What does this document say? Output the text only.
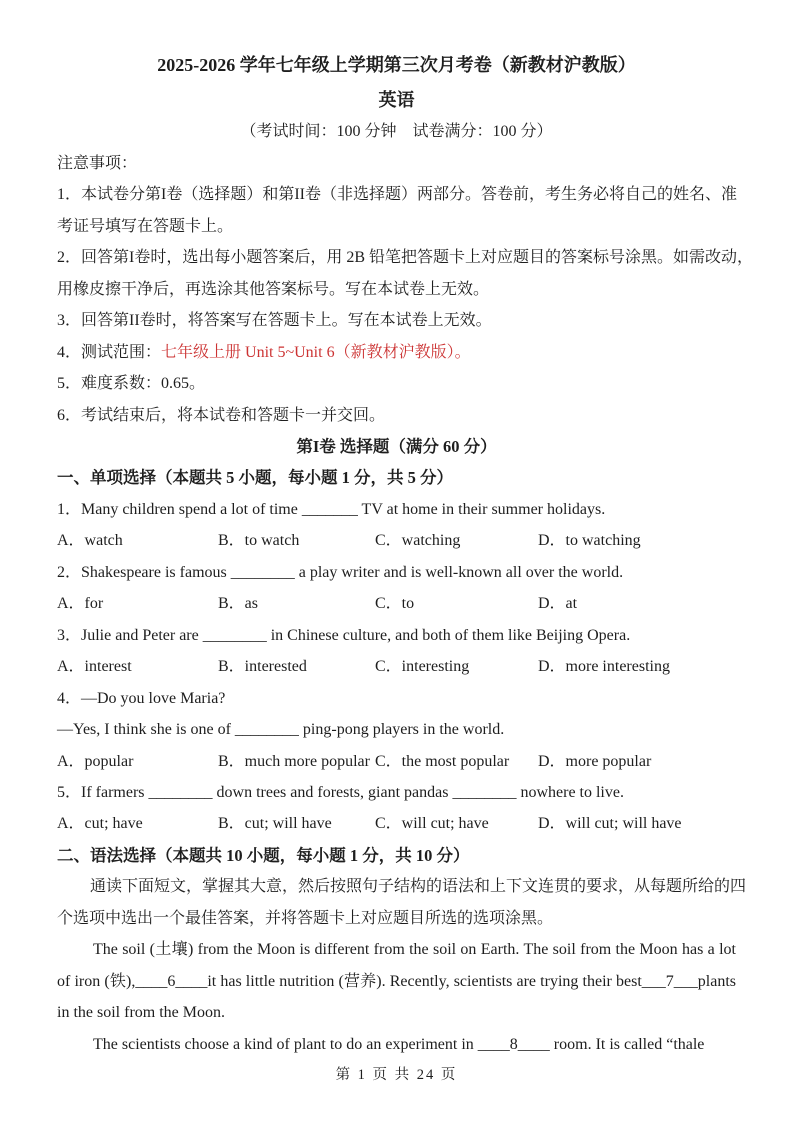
2025-2026 学年七年级上学期第三次月考卷（新教材沪教版）
英语
（考试时间：100 分钟　试卷满分：100 分）
注意事项：
1．本试卷分第I卷（选择题）和第II卷（非选择题）两部分。答卷前，考生务必将自己的姓名、准
考证号填写在答题卡上。
2．回答第I卷时，选出每小题答案后，用 2B 铅笔把答题卡上对应题目的答案标号涂黑。如需改动，
用橡皮擦干净后，再选涂其他答案标号。写在本试卷上无效。
3．回答第II卷时，将答案写在答题卡上。写在本试卷上无效。
4．测试范围：七年级上册 Unit 5~Unit 6（新教材沪教版）。
5．难度系数：0.65。
6．考试结束后，将本试卷和答题卡一并交回。
第I卷 选择题（满分 60 分）
一、单项选择（本题共 5 小题，每小题 1 分，共 5 分）
1．Many children spend a lot of time _______ TV at home in their summer holidays.
A．watch	B．to watch	C．watching	D．to watching
2．Shakespeare is famous ________ a play writer and is well-known all over the world.
A．for	B．as	C．to	D．at
3．Julie and Peter are ________ in Chinese culture, and both of them like Beijing Opera.
A．interest	B．interested	C．interesting	D．more interesting
4．—Do you love Maria?
—Yes, I think she is one of ________ ping-pong players in the world.
A．popular	B．much more popular C．the most popular	D．more popular
5．If farmers ________ down trees and forests, giant pandas ________ nowhere to live.
A．cut; have	B．cut; will have	C．will cut; have	D．will cut; will have
二、语法选择（本题共 10 小题，每小题 1 分，共 10 分）
通读下面短文，掌握其大意，然后按照句子结构的语法和上下文连贯的要求，从每题所给的四
个选项中选出一个最佳答案，并将答题卡上对应题目所选的选项涂黑。
The soil (土壤) from the Moon is different from the soil on Earth. The soil from the Moon has a lot
of iron (铁),____6____it has little nutrition (营养). Recently, scientists are trying their best___7___plants
in the soil from the Moon.
The scientists choose a kind of plant to do an experiment in ____8____ room. It is called “thale
第 1 页 共 24 页
